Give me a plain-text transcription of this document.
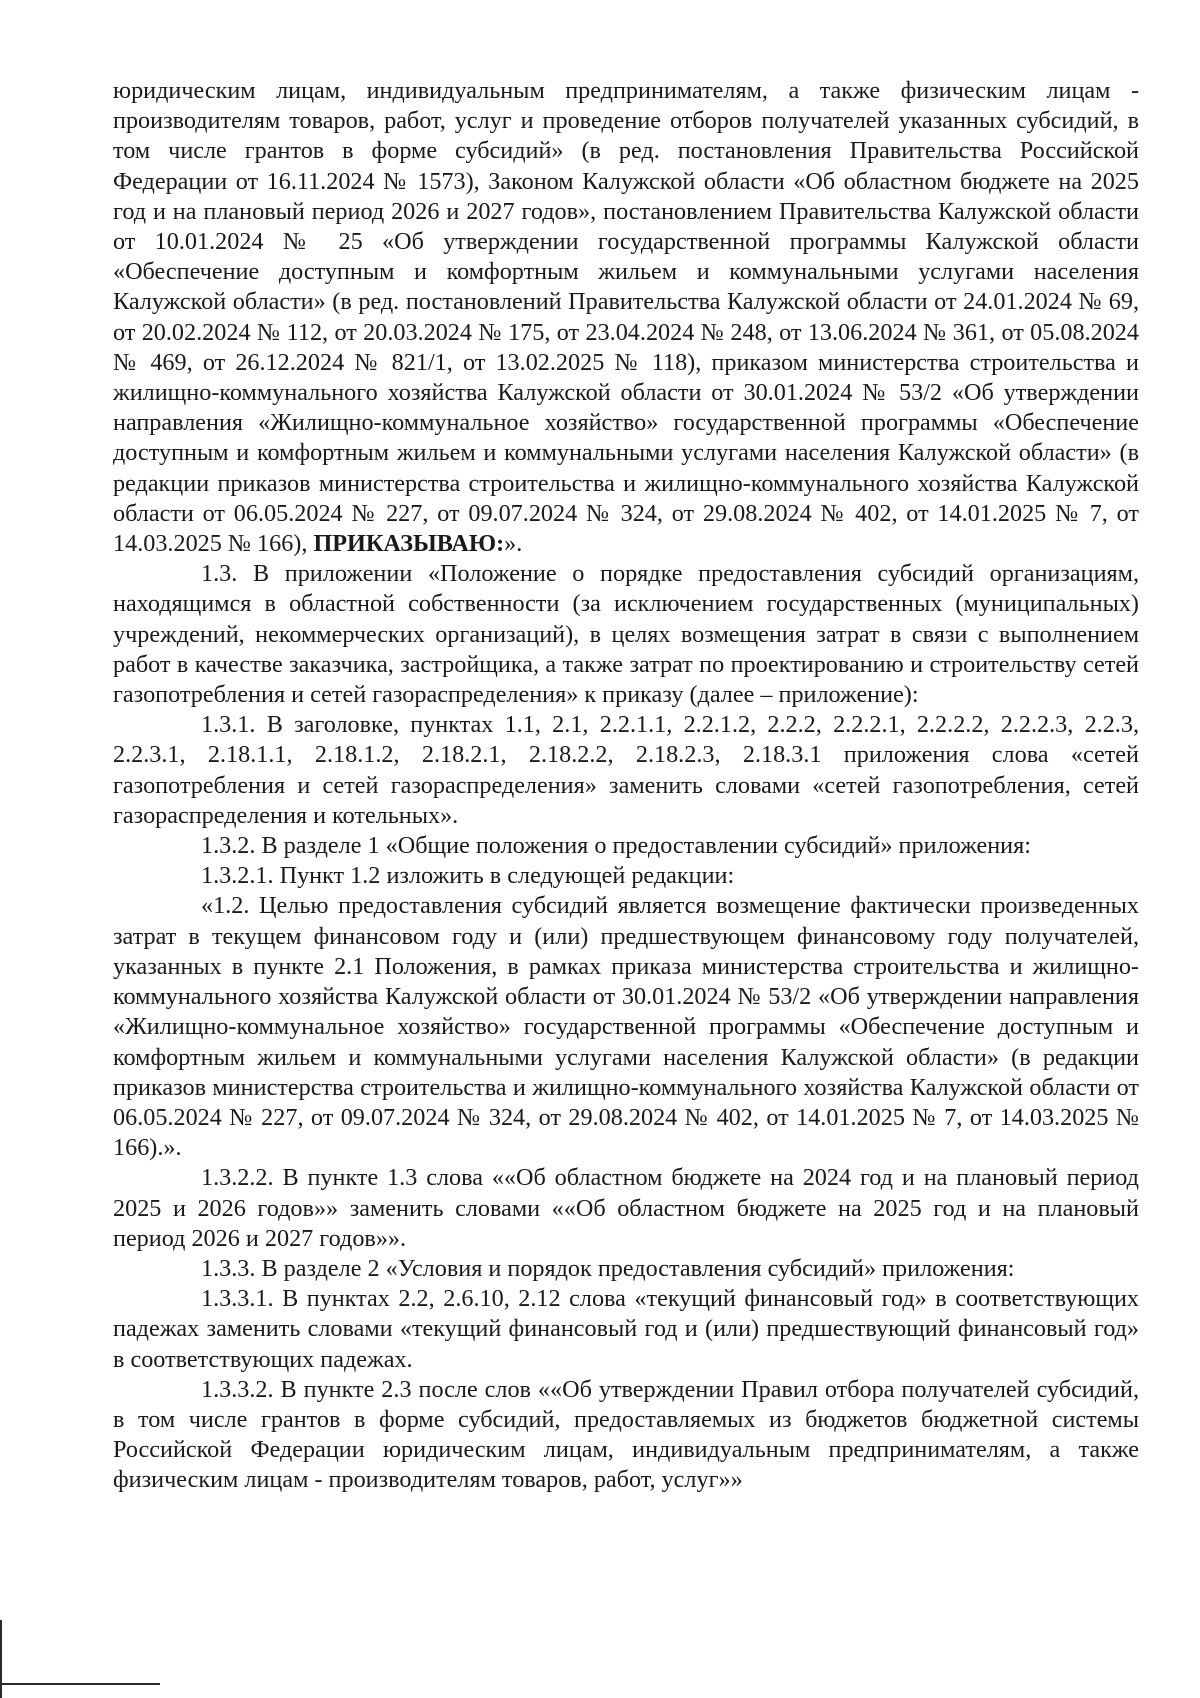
юридическим лицам, индивидуальным предпринимателям, а также физическим лицам - производителям товаров, работ, услуг и проведение отборов получателей указанных субсидий, в том числе грантов в форме субсидий» (в ред. постановления Правительства Российской Федерации от 16.11.2024 № 1573), Законом Калужской области «Об областном бюджете на 2025 год и на плановый период 2026 и 2027 годов», постановлением Правительства Калужской области от 10.01.2024 № 25 «Об утверждении государственной программы Калужской области «Обеспечение доступным и комфортным жильем и коммунальными услугами населения Калужской области» (в ред. постановлений Правительства Калужской области от 24.01.2024 № 69, от 20.02.2024 № 112, от 20.03.2024 № 175, от 23.04.2024 № 248, от 13.06.2024 № 361, от 05.08.2024 № 469, от 26.12.2024 № 821/1, от 13.02.2025 № 118), приказом министерства строительства и жилищно-коммунального хозяйства Калужской области от 30.01.2024 № 53/2 «Об утверждении направления «Жилищно-коммунальное хозяйство» государственной программы «Обеспечение доступным и комфортным жильем и коммунальными услугами населения Калужской области» (в редакции приказов министерства строительства и жилищно-коммунального хозяйства Калужской области от 06.05.2024 № 227, от 09.07.2024 № 324, от 29.08.2024 № 402, от 14.01.2025 № 7, от 14.03.2025 № 166), ПРИКАЗЫВАЮ:».

1.3. В приложении «Положение о порядке предоставления субсидий организациям, находящимся в областной собственности (за исключением государственных (муниципальных) учреждений, некоммерческих организаций), в целях возмещения затрат в связи с выполнением работ в качестве заказчика, застройщика, а также затрат по проектированию и строительству сетей газопотребления и сетей газораспределения» к приказу (далее – приложение):

1.3.1. В заголовке, пунктах 1.1, 2.1, 2.2.1.1, 2.2.1.2, 2.2.2, 2.2.2.1, 2.2.2.2, 2.2.2.3, 2.2.3, 2.2.3.1, 2.18.1.1, 2.18.1.2, 2.18.2.1, 2.18.2.2, 2.18.2.3, 2.18.3.1 приложения слова «сетей газопотребления и сетей газораспределения» заменить словами «сетей газопотребления, сетей газораспределения и котельных».

1.3.2. В разделе 1 «Общие положения о предоставлении субсидий» приложения:

1.3.2.1. Пункт 1.2 изложить в следующей редакции:

«1.2. Целью предоставления субсидий является возмещение фактически произведенных затрат в текущем финансовом году и (или) предшествующем финансовому году получателей, указанных в пункте 2.1 Положения, в рамках приказа министерства строительства и жилищно-коммунального хозяйства Калужской области от 30.01.2024 № 53/2 «Об утверждении направления «Жилищно-коммунальное хозяйство» государственной программы «Обеспечение доступным и комфортным жильем и коммунальными услугами населения Калужской области» (в редакции приказов министерства строительства и жилищно-коммунального хозяйства Калужской области от 06.05.2024 № 227, от 09.07.2024 № 324, от 29.08.2024 № 402, от 14.01.2025 № 7, от 14.03.2025 № 166).».

1.3.2.2. В пункте 1.3 слова ««Об областном бюджете на 2024 год и на плановый период 2025 и 2026 годов»» заменить словами ««Об областном бюджете на 2025 год и на плановый период 2026 и 2027 годов»».

1.3.3. В разделе 2 «Условия и порядок предоставления субсидий» приложения:

1.3.3.1. В пунктах 2.2, 2.6.10, 2.12 слова «текущий финансовый год» в соответствующих падежах заменить словами «текущий финансовый год и (или) предшествующий финансовый год» в соответствующих падежах.

1.3.3.2. В пункте 2.3 после слов ««Об утверждении Правил отбора получателей субсидий, в том числе грантов в форме субсидий, предоставляемых из бюджетов бюджетной системы Российской Федерации юридическим лицам, индивидуальным предпринимателям, а также физическим лицам - производителям товаров, работ, услуг»»
